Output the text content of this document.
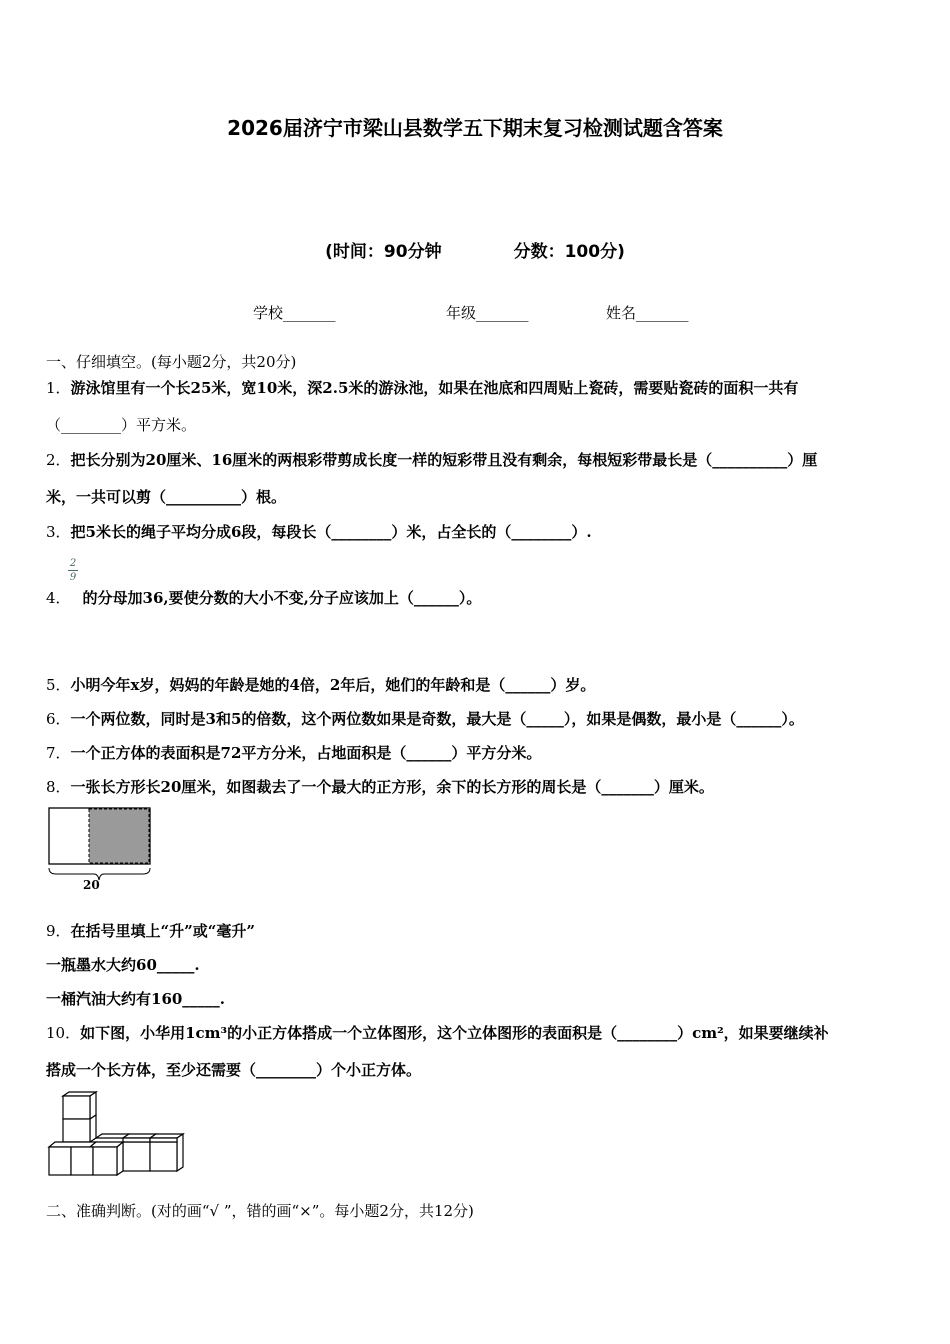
2026届济宁市梁山县数学五下期末复习检测试题含答案
(时间：90分钟	分数：100分)
学校_______	年级_______	姓名_______
一、仔细填空。(每小题2分，共20分)
1．游泳馆里有一个长25米，宽10米，深2.5米的游泳池，如果在池底和四周贴上瓷砖，需要贴瓷砖的面积一共有
（________）平方米。
2．把长分别为20厘米、16厘米的两根彩带剪成长度一样的短彩带且没有剩余，每根短彩带最长是（__________）厘
米，一共可以剪（__________）根。
3．把5米长的绳子平均分成6段，每段长（________）米，占全长的（________）.
2
9
4． 的分母加36,要使分数的大小不变,分子应该加上（______）。
5．小明今年x岁，妈妈的年龄是她的4倍，2年后，她们的年龄和是（______）岁。
6．一个两位数，同时是3和5的倍数，这个两位数如果是奇数，最大是（_____），如果是偶数，最小是（______）。
7．一个正方体的表面积是72平方分米，占地面积是（______）平方分米。
8．一张长方形长20厘米，如图裁去了一个最大的正方形，余下的长方形的周长是（_______）厘米。
20
9．在括号里填上“升”或“毫升”
一瓶墨水大约60_____.
一桶汽油大约有160_____.
10．如下图，小华用1cm³的小正方体搭成一个立体图形，这个立体图形的表面积是（________）cm²，如果要继续补
搭成一个长方体，至少还需要（________）个小正方体。
二、准确判断。(对的画“√ ”，错的画“×”。每小题2分，共12分)
